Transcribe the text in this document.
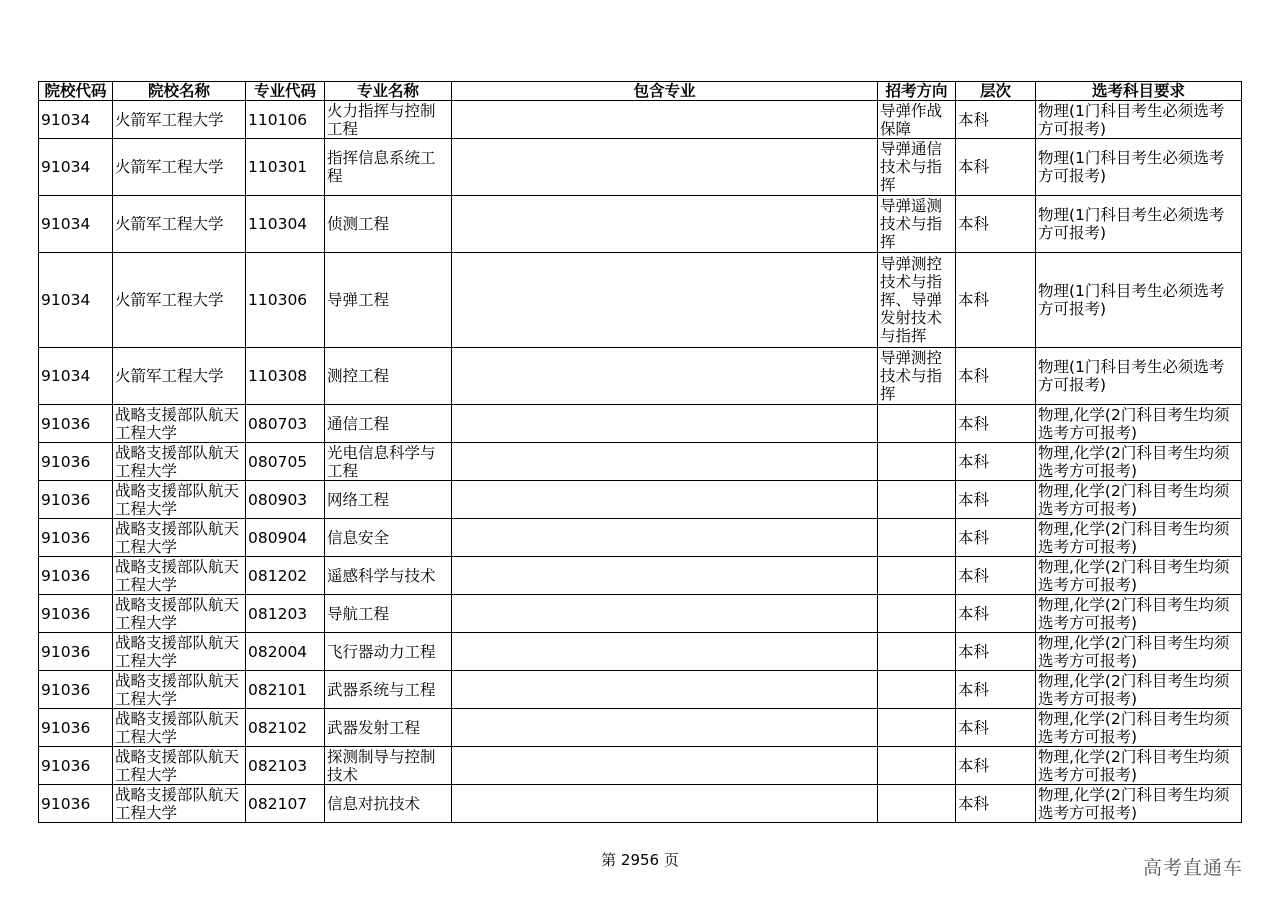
院校代码	院校名称	专业代码	专业名称	包含专业	招考方向	层次	选考科目要求
91034	火箭军工程大学	110106	火力指挥与控制工程		导弹作战保障	本科	物理(1门科目考生必须选考方可报考)
91034	火箭军工程大学	110301	指挥信息系统工程		导弹通信技术与指挥	本科	物理(1门科目考生必须选考方可报考)
91034	火箭军工程大学	110304	侦测工程		导弹遥测技术与指挥	本科	物理(1门科目考生必须选考方可报考)
91034	火箭军工程大学	110306	导弹工程		导弹测控技术与指挥、导弹发射技术与指挥	本科	物理(1门科目考生必须选考方可报考)
91034	火箭军工程大学	110308	测控工程		导弹测控技术与指挥	本科	物理(1门科目考生必须选考方可报考)
91036	战略支援部队航天工程大学	080703	通信工程			本科	物理,化学(2门科目考生均须选考方可报考)
91036	战略支援部队航天工程大学	080705	光电信息科学与工程			本科	物理,化学(2门科目考生均须选考方可报考)
91036	战略支援部队航天工程大学	080903	网络工程			本科	物理,化学(2门科目考生均须选考方可报考)
91036	战略支援部队航天工程大学	080904	信息安全			本科	物理,化学(2门科目考生均须选考方可报考)
91036	战略支援部队航天工程大学	081202	遥感科学与技术			本科	物理,化学(2门科目考生均须选考方可报考)
91036	战略支援部队航天工程大学	081203	导航工程			本科	物理,化学(2门科目考生均须选考方可报考)
91036	战略支援部队航天工程大学	082004	飞行器动力工程			本科	物理,化学(2门科目考生均须选考方可报考)
91036	战略支援部队航天工程大学	082101	武器系统与工程			本科	物理,化学(2门科目考生均须选考方可报考)
91036	战略支援部队航天工程大学	082102	武器发射工程			本科	物理,化学(2门科目考生均须选考方可报考)
91036	战略支援部队航天工程大学	082103	探测制导与控制技术			本科	物理,化学(2门科目考生均须选考方可报考)
91036	战略支援部队航天工程大学	082107	信息对抗技术			本科	物理,化学(2门科目考生均须选考方可报考)
第 2956 页	高考直通车
